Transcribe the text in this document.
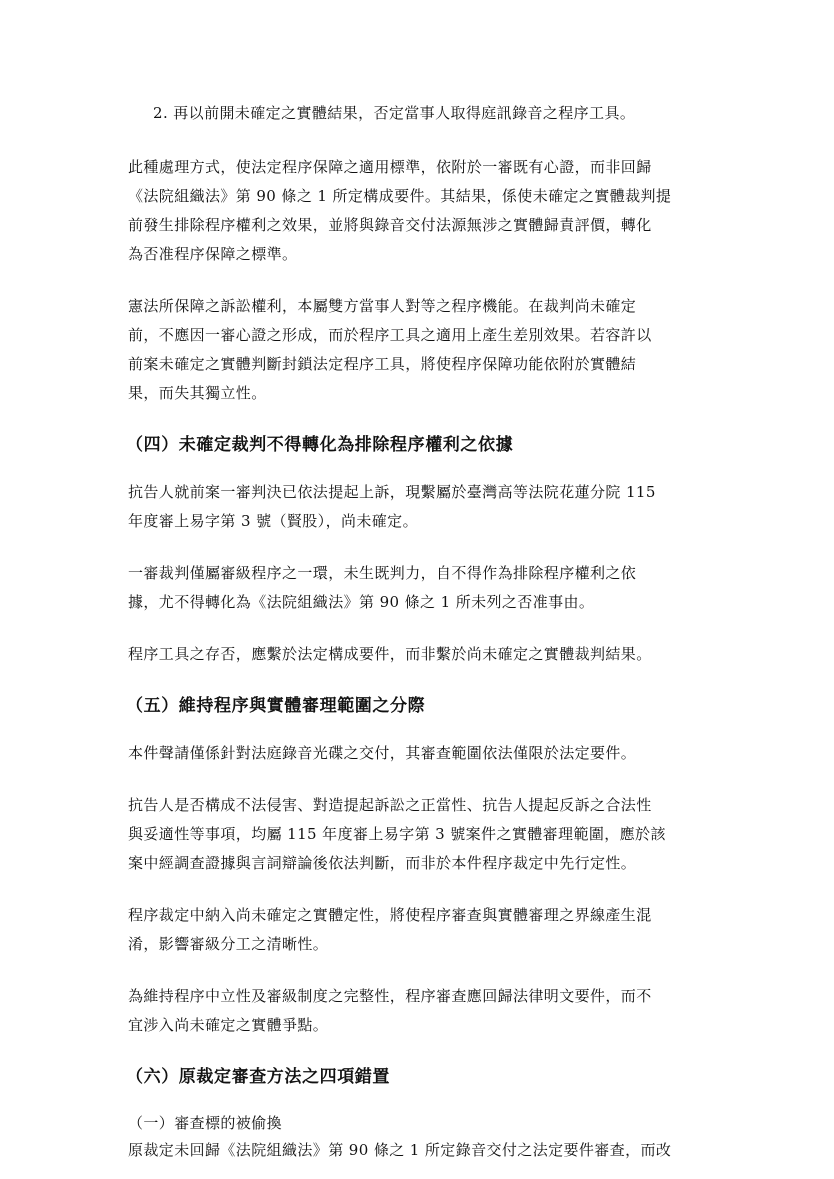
2. 再以前開未確定之實體結果，否定當事人取得庭訊錄音之程序工具。
此種處理方式，使法定程序保障之適用標準，依附於一審既有心證，而非回歸
《法院組織法》第 90 條之 1 所定構成要件。其結果，係使未確定之實體裁判提
前發生排除程序權利之效果，並將與錄音交付法源無涉之實體歸責評價，轉化
為否准程序保障之標準。
憲法所保障之訴訟權利，本屬雙方當事人對等之程序機能。在裁判尚未確定
前，不應因一審心證之形成，而於程序工具之適用上產生差別效果。若容許以
前案未確定之實體判斷封鎖法定程序工具，將使程序保障功能依附於實體結
果，而失其獨立性。
（四）未確定裁判不得轉化為排除程序權利之依據
抗告人就前案一審判決已依法提起上訴，現繫屬於臺灣高等法院花蓮分院 115
年度審上易字第 3 號（賢股），尚未確定。
一審裁判僅屬審級程序之一環，未生既判力，自不得作為排除程序權利之依
據，尤不得轉化為《法院組織法》第 90 條之 1 所未列之否准事由。
程序工具之存否，應繫於法定構成要件，而非繫於尚未確定之實體裁判結果。
（五）維持程序與實體審理範圍之分際
本件聲請僅係針對法庭錄音光碟之交付，其審查範圍依法僅限於法定要件。
抗告人是否構成不法侵害、對造提起訴訟之正當性、抗告人提起反訴之合法性
與妥適性等事項，均屬 115 年度審上易字第 3 號案件之實體審理範圍，應於該
案中經調查證據與言詞辯論後依法判斷，而非於本件程序裁定中先行定性。
程序裁定中納入尚未確定之實體定性，將使程序審查與實體審理之界線產生混
淆，影響審級分工之清晰性。
為維持程序中立性及審級制度之完整性，程序審查應回歸法律明文要件，而不
宜涉入尚未確定之實體爭點。
（六）原裁定審查方法之四項錯置
（一）審查標的被偷換
原裁定未回歸《法院組織法》第 90 條之 1 所定錄音交付之法定要件審查，而改
